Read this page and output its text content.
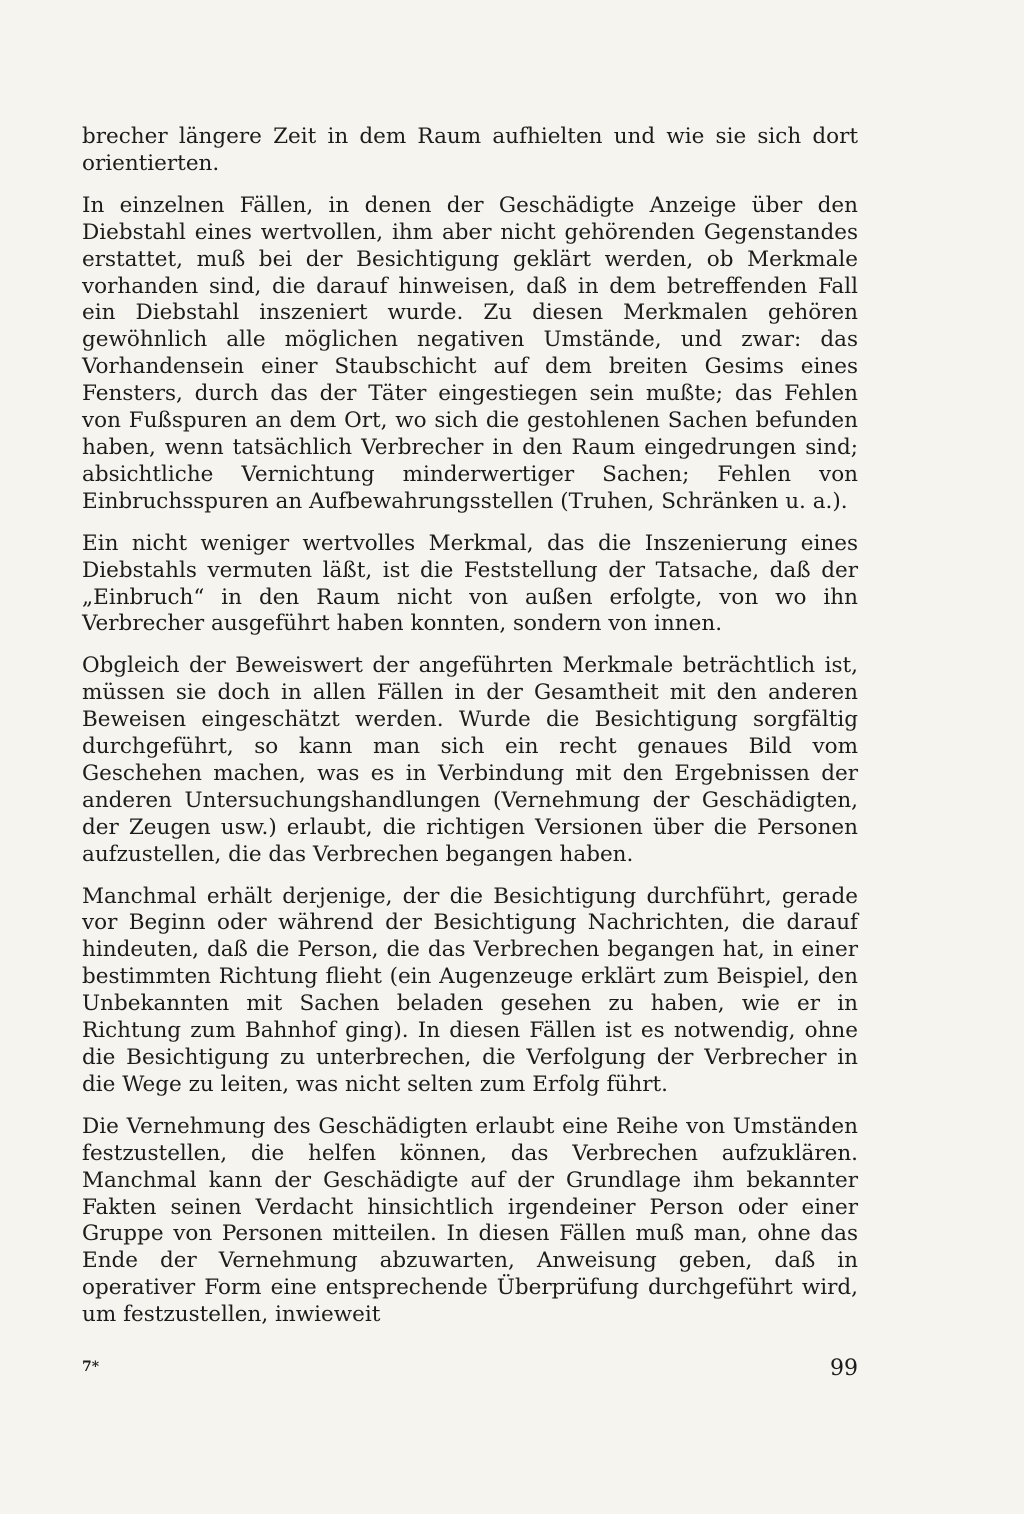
brecher längere Zeit in dem Raum aufhielten und wie sie sich dort orientierten.

In einzelnen Fällen, in denen der Geschädigte Anzeige über den Diebstahl eines wertvollen, ihm aber nicht gehörenden Gegenstandes erstattet, muß bei der Besichtigung geklärt werden, ob Merkmale vorhanden sind, die darauf hinweisen, daß in dem betreffenden Fall ein Diebstahl inszeniert wurde. Zu diesen Merkmalen gehören gewöhnlich alle möglichen negativen Umstände, und zwar: das Vorhandensein einer Staubschicht auf dem breiten Gesims eines Fensters, durch das der Täter eingestiegen sein mußte; das Fehlen von Fußspuren an dem Ort, wo sich die gestohlenen Sachen befunden haben, wenn tatsächlich Verbrecher in den Raum eingedrungen sind; absichtliche Vernichtung minderwertiger Sachen; Fehlen von Einbruchsspuren an Aufbewahrungsstellen (Truhen, Schränken u. a.).

Ein nicht weniger wertvolles Merkmal, das die Inszenierung eines Diebstahls vermuten läßt, ist die Feststellung der Tatsache, daß der „Einbruch“ in den Raum nicht von außen erfolgte, von wo ihn Verbrecher ausgeführt haben konnten, sondern von innen.

Obgleich der Beweiswert der angeführten Merkmale beträchtlich ist, müssen sie doch in allen Fällen in der Gesamtheit mit den anderen Beweisen eingeschätzt werden. Wurde die Besichtigung sorgfältig durchgeführt, so kann man sich ein recht genaues Bild vom Geschehen machen, was es in Verbindung mit den Ergebnissen der anderen Untersuchungshandlungen (Vernehmung der Geschädigten, der Zeugen usw.) erlaubt, die richtigen Versionen über die Personen aufzustellen, die das Verbrechen begangen haben.

Manchmal erhält derjenige, der die Besichtigung durchführt, gerade vor Beginn oder während der Besichtigung Nachrichten, die darauf hindeuten, daß die Person, die das Verbrechen begangen hat, in einer bestimmten Richtung flieht (ein Augenzeuge erklärt zum Beispiel, den Unbekannten mit Sachen beladen gesehen zu haben, wie er in Richtung zum Bahnhof ging). In diesen Fällen ist es notwendig, ohne die Besichtigung zu unterbrechen, die Verfolgung der Verbrecher in die Wege zu leiten, was nicht selten zum Erfolg führt.

Die Vernehmung des Geschädigten erlaubt eine Reihe von Umständen festzustellen, die helfen können, das Verbrechen aufzuklären. Manchmal kann der Geschädigte auf der Grundlage ihm bekannter Fakten seinen Verdacht hinsichtlich irgendeiner Person oder einer Gruppe von Personen mitteilen. In diesen Fällen muß man, ohne das Ende der Vernehmung abzuwarten, Anweisung geben, daß in operativer Form eine entsprechende Überprüfung durchgeführt wird, um festzustellen, inwieweit

7*	99
